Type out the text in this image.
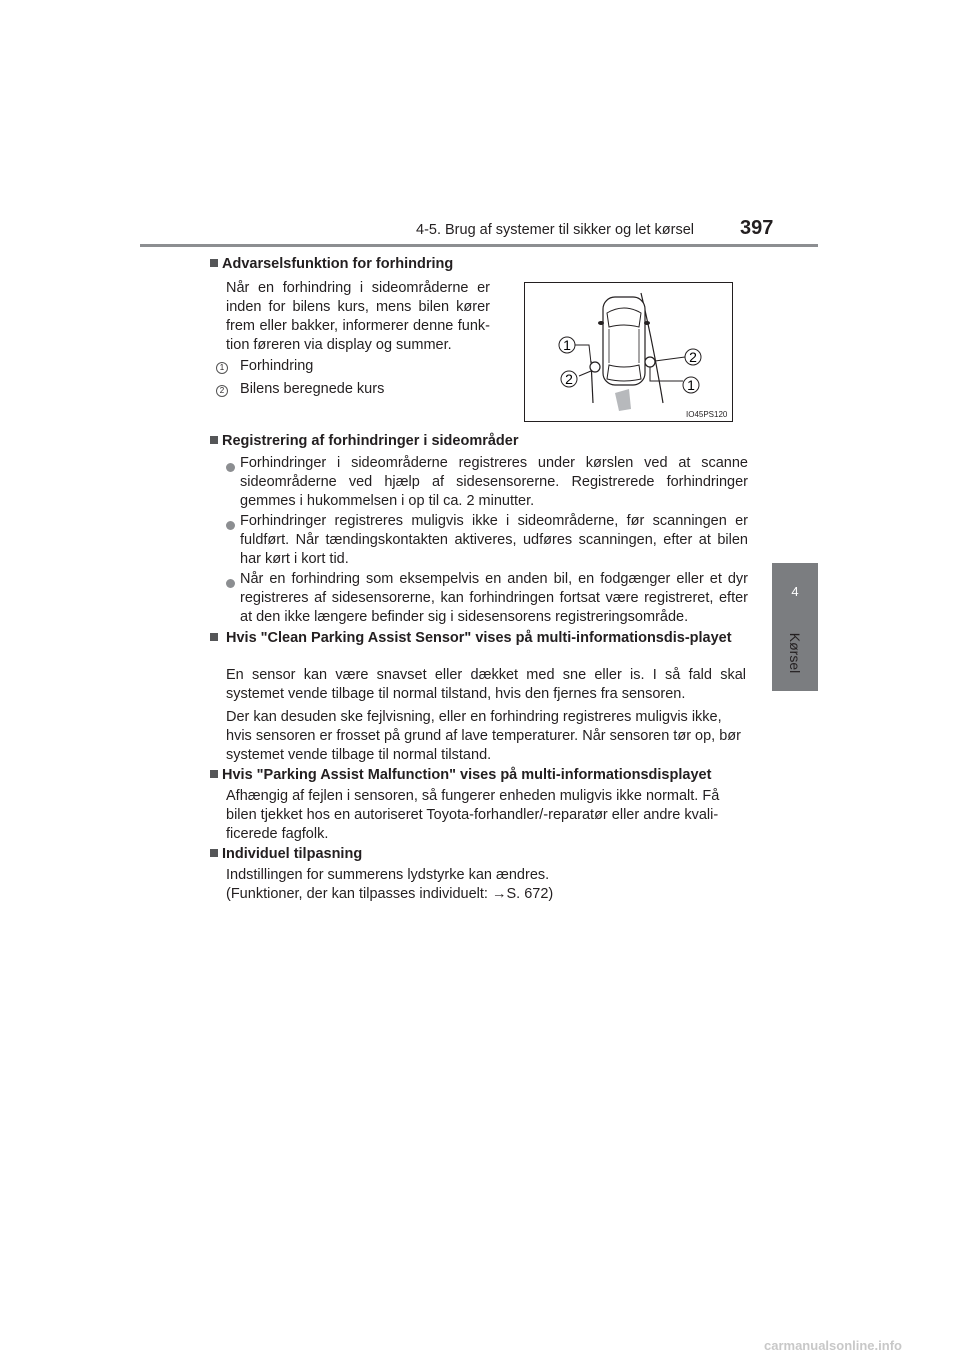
4-5. Brug af systemer til sikker og let kørsel 397
4
Kørsel
Advarselsfunktion for forhindring
Når en forhindring i sideområderne er inden for bilens kurs, mens bilen kører frem eller bakker, informerer denne funk-tion føreren via display og summer.
1 Forhindring
2 Bilens beregnede kurs
1
2
2
1
IO45PS120
Registrering af forhindringer i sideområder
Forhindringer i sideområderne registreres under kørslen ved at scanne sideområderne ved hjælp af sidesensorerne. Registrerede forhindringer gemmes i hukommelsen i op til ca. 2 minutter.
Forhindringer registreres muligvis ikke i sideområderne, før scanningen er fuldført. Når tændingskontakten aktiveres, udføres scanningen, efter at bilen har kørt i kort tid.
Når en forhindring som eksempelvis en anden bil, en fodgænger eller et dyr registreres af sidesensorerne, kan forhindringen fortsat være registreret, efter at den ikke længere befinder sig i sidesensorens registreringsområde.
Hvis "Clean Parking Assist Sensor" vises på multi-informationsdis-playet
En sensor kan være snavset eller dækket med sne eller is. I så fald skal systemet vende tilbage til normal tilstand, hvis den fjernes fra sensoren.
Der kan desuden ske fejlvisning, eller en forhindring registreres muligvis ikke, hvis sensoren er frosset på grund af lave temperaturer. Når sensoren tør op, bør systemet vende tilbage til normal tilstand.
Hvis "Parking Assist Malfunction" vises på multi-informationsdisplayet
Afhængig af fejlen i sensoren, så fungerer enheden muligvis ikke normalt. Få bilen tjekket hos en autoriseret Toyota-forhandler/-reparatør eller andre kvali-ficerede fagfolk.
Individuel tilpasning
Indstillingen for summerens lydstyrke kan ændres.
(Funktioner, der kan tilpasses individuelt: →S. 672)
carmanualsonline.info
